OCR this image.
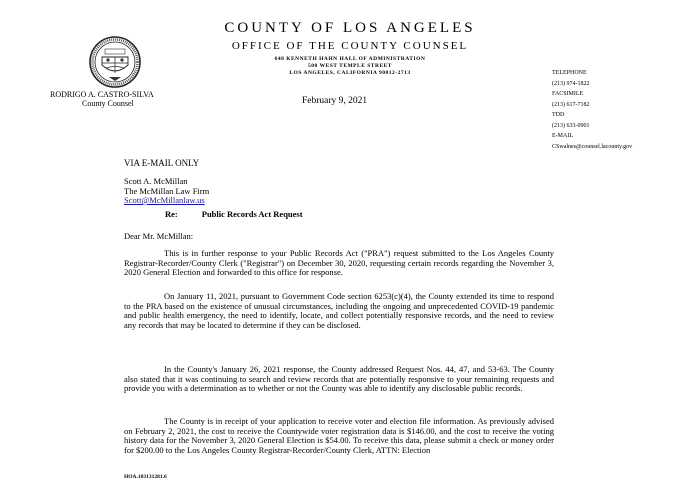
COUNTY OF LOS ANGELES
OFFICE OF THE COUNTY COUNSEL
648 KENNETH HAHN HALL OF ADMINISTRATION
500 WEST TEMPLE STREET
LOS ANGELES, CALIFORNIA 90012-2713
RODRIGO A. CASTRO-SILVA
County Counsel	February 9, 2021
TELEPHONE
(213) 974-1822
FACSIMILE
(213) 617-7182
TDD
(213) 633-0901
E-MAIL
CSwalnes@counsel.lacounty.gov
VIA E-MAIL ONLY
Scott A. McMillan
The McMillan Law Firm
Scott@McMillanlaw.us
Re:	Public Records Act Request
Dear Mr. McMillan:
This is in further response to your Public Records Act ("PRA") request submitted to the Los Angeles County Registrar-Recorder/County Clerk ("Registrar") on December 30, 2020, requesting certain records regarding the November 3, 2020 General Election and forwarded to this office for response.
On January 11, 2021, pursuant to Government Code section 6253(c)(4), the County extended its time to respond to the PRA based on the existence of unusual circumstances, including the ongoing and unprecedented COVID-19 pandemic and public health emergency, the need to identify, locate, and collect potentially responsive records, and the need to review any records that may be located to determine if they can be disclosed.
In the County's January 26, 2021 response, the County addressed Request Nos. 44, 47, and 53-63. The County also stated that it was continuing to search and review records that are potentially responsive to your remaining requests and provide you with a determination as to whether or not the County was able to identify any disclosable public records.
The County is in receipt of your application to receive voter and election file information. As previously advised on February 2, 2021, the cost to receive the Countywide voter registration data is $146.00, and the cost to receive the voting history data for the November 3, 2020 General Election is $54.00. To receive this data, please submit a check or money order for $200.00 to the Los Angeles County Registrar-Recorder/County Clerk, ATTN: Election
HOA.103131281.6
